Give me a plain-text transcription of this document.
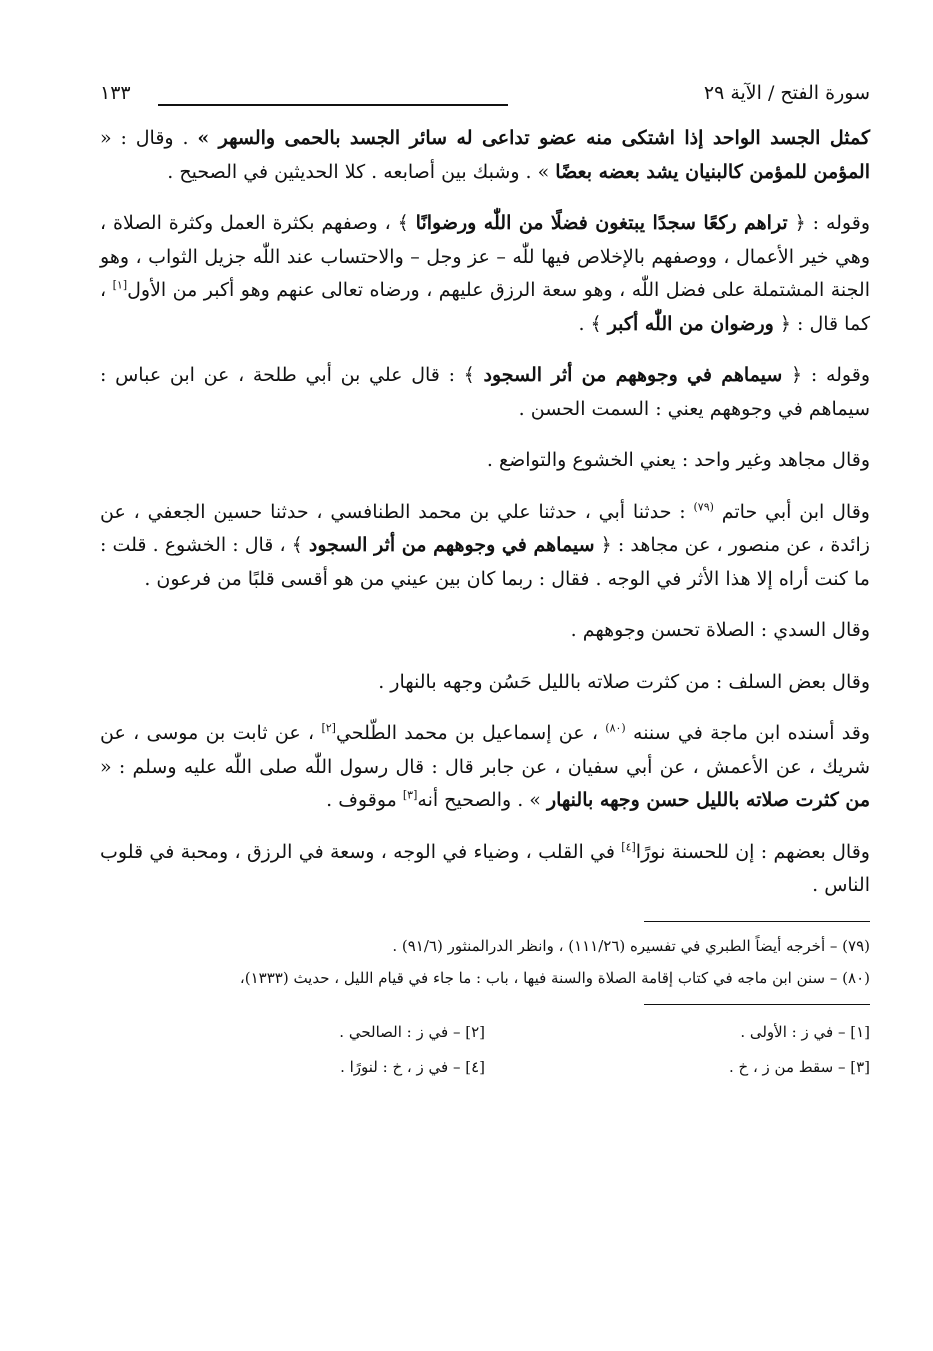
سورة الفتح / الآية ٢٩
١٣٣

كمثل الجسد الواحد إذا اشتكى منه عضو تداعى له سائر الجسد بالحمى والسهر » . وقال : « المؤمن للمؤمن كالبنيان يشد بعضه بعضًا » . وشبك بين أصابعه . كلا الحديثين في الصحيح .

وقوله : ﴿ تراهم ركعًا سجدًا يبتغون فضلًا من اللّٰه ورضوانًا ﴾ ، وصفهم بكثرة العمل وكثرة الصلاة ، وهي خير الأعمال ، ووصفهم بالإخلاص فيها للّٰه – عز وجل – والاحتساب عند اللّٰه جزيل الثواب ، وهو الجنة المشتملة على فضل اللّٰه ، وهو سعة الرزق عليهم ، ورضاه تعالى عنهم وهو أكبر من الأول[١] ، كما قال : ﴿ ورضوان من اللّٰه أكبر ﴾ .

وقوله : ﴿ سيماهم في وجوههم من أثر السجود ﴾ : قال علي بن أبي طلحة ، عن ابن عباس : سيماهم في وجوههم يعني : السمت الحسن .

وقال مجاهد وغير واحد : يعني الخشوع والتواضع .

وقال ابن أبي حاتم $^{(٧٩)}$ : حدثنا أبي ، حدثنا علي بن محمد الطنافسي ، حدثنا حسين الجعفي ، عن زائدة ، عن منصور ، عن مجاهد : ﴿ سيماهم في وجوههم من أثر السجود ﴾ ، قال : الخشوع . قلت : ما كنت أراه إلا هذا الأثر في الوجه . فقال : ربما كان بين عيني من هو أقسى قلبًا من فرعون .

وقال السدي : الصلاة تحسن وجوههم .

وقال بعض السلف : من كثرت صلاته بالليل حَسُن وجهه بالنهار .

وقد أسنده ابن ماجة في سننه $^{(٨٠)}$ ، عن إسماعيل بن محمد الطّلحي[٢] ، عن ثابت بن موسى ، عن شريك ، عن الأعمش ، عن أبي سفيان ، عن جابر قال : قال رسول اللّٰه صلى اللّٰه عليه وسلم : « من كثرت صلاته بالليل حسن وجهه بالنهار » . والصحيح أنه[٣] موقوف .

وقال بعضهم : إن للحسنة نورًا[٤] في القلب ، وضياء في الوجه ، وسعة في الرزق ، ومحبة في قلوب الناس .

(٧٩) – أخرجه أيضاً الطبري في تفسيره (١١١/٢٦) ، وانظر الدرالمنثور (٩١/٦) .

(٨٠) – سنن ابن ماجه في كتاب إقامة الصلاة والسنة فيها ، باب : ما جاء في قيام الليل ، حديث (١٣٣٣)،

[١] – في ز : الأولى .
[٢] – في ز : الصالحي .
[٣] – سقط من ز ، خ .
[٤] – في ز ، خ : لنورًا .
